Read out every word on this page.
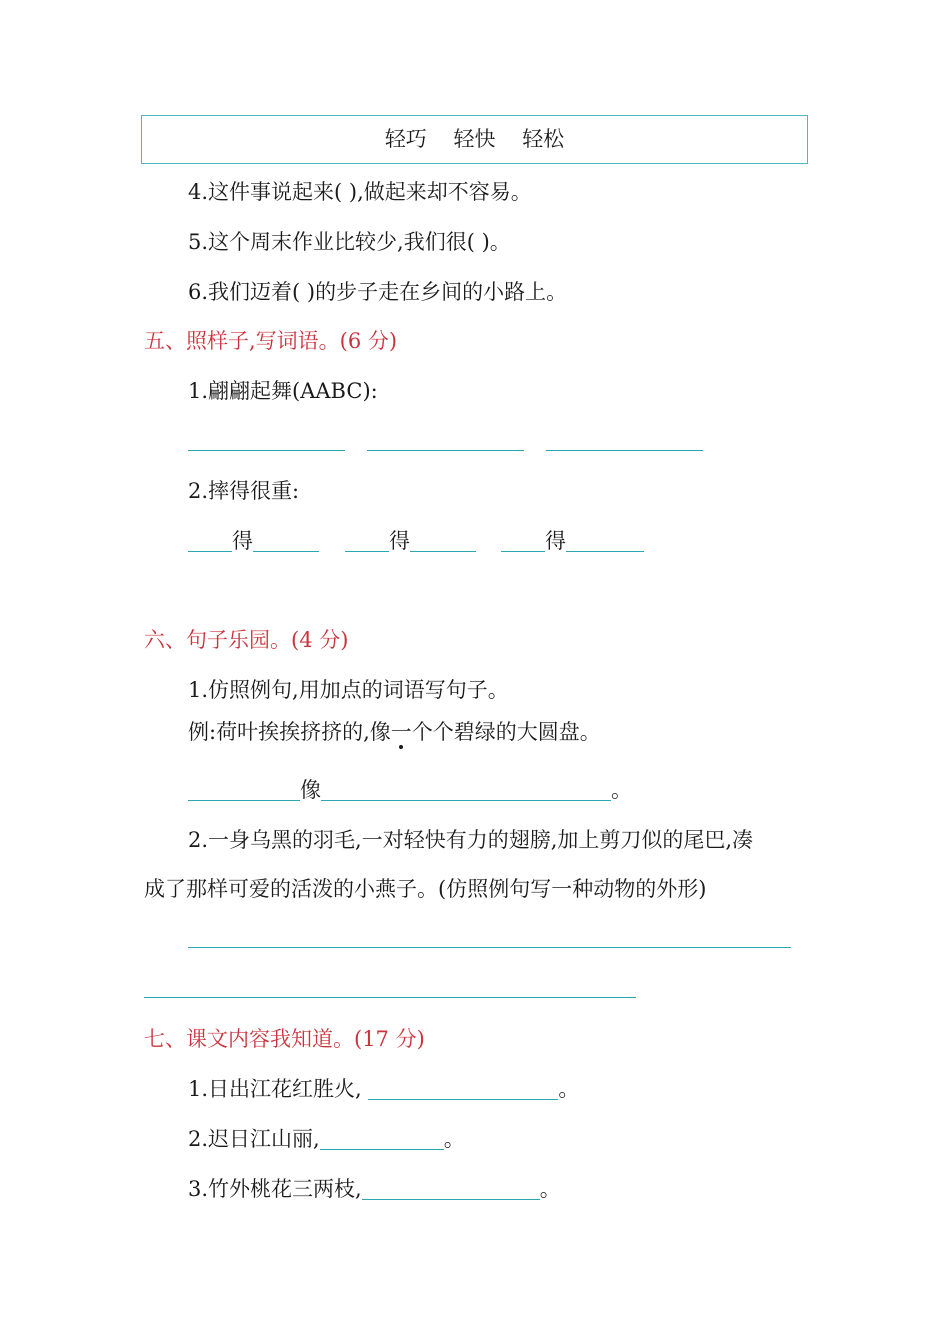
轻巧 轻快 轻松
4.这件事说起来( ),做起来却不容易。
5.这个周末作业比较少,我们很( )。
6.我们迈着( )的步子走在乡间的小路上。
五、照样子,写词语。(6 分)
1.翩翩起舞(AABC):
2.摔得很重:
得	得	得
六、句子乐园。(4 分)
1.仿照例句,用加点的词语写句子。
例:荷叶挨挨挤挤的,像一个个碧绿的大圆盘。
像	。
2.一身乌黑的羽毛,一对轻快有力的翅膀,加上剪刀似的尾巴,凑
成了那样可爱的活泼的小燕子。(仿照例句写一种动物的外形)
七、课文内容我知道。(17 分)
1.日出江花红胜火,	。
2.迟日江山丽,	。
3.竹外桃花三两枝,	。
